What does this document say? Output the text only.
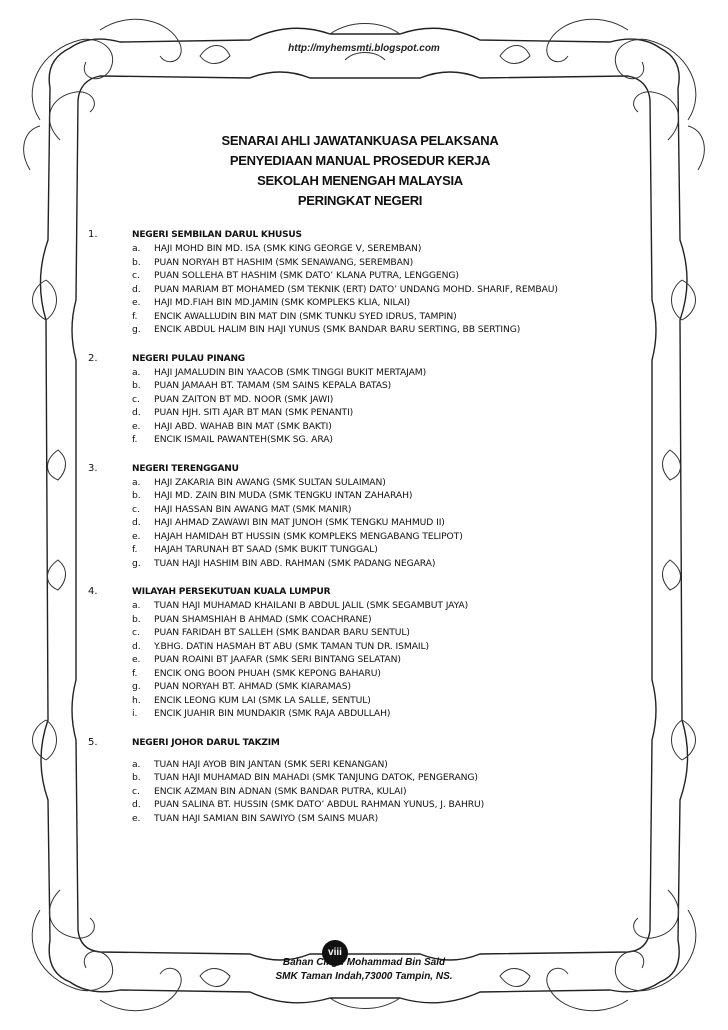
http://myhemsmti.blogspot.com
SENARAI AHLI JAWATANKUASA PELAKSANA
PENYEDIAAN MANUAL PROSEDUR KERJA
SEKOLAH MENENGAH MALAYSIA
PERINGKAT NEGERI
1.	NEGERI SEMBILAN DARUL KHUSUS
a.	HAJI MOHD BIN MD. ISA (SMK KING GEORGE V, SEREMBAN)
b.	PUAN NORYAH BT HASHIM (SMK SENAWANG, SEREMBAN)
c.	PUAN SOLLEHA BT HASHIM (SMK DATO’ KLANA PUTRA, LENGGENG)
d.	PUAN MARIAM BT MOHAMED (SM TEKNIK (ERT) DATO’ UNDANG MOHD. SHARIF, REMBAU)
e.	HAJI MD.FIAH BIN MD.JAMIN (SMK KOMPLEKS KLIA, NILAI)
f.	ENCIK AWALLUDIN BIN MAT DIN (SMK TUNKU SYED IDRUS, TAMPIN)
g.	ENCIK ABDUL HALIM BIN HAJI YUNUS (SMK BANDAR BARU SERTING, BB SERTING)
2.	NEGERI PULAU PINANG
a.	HAJI JAMALUDIN BIN YAACOB (SMK TINGGI BUKIT MERTAJAM)
b.	PUAN JAMAAH BT. TAMAM (SM SAINS KEPALA BATAS)
c.	PUAN ZAITON BT MD. NOOR (SMK JAWI)
d.	PUAN HJH. SITI AJAR BT MAN (SMK PENANTI)
e.	HAJI ABD. WAHAB BIN MAT (SMK BAKTI)
f.	ENCIK ISMAIL PAWANTEH(SMK SG. ARA)
3.	NEGERI TERENGGANU
a.	HAJI ZAKARIA BIN AWANG (SMK SULTAN SULAIMAN)
b.	HAJI MD. ZAIN BIN MUDA (SMK TENGKU INTAN ZAHARAH)
c.	HAJI HASSAN BIN AWANG MAT (SMK MANIR)
d.	HAJI AHMAD ZAWAWI BIN MAT JUNOH (SMK TENGKU MAHMUD II)
e.	HAJAH HAMIDAH BT HUSSIN (SMK KOMPLEKS MENGABANG TELIPOT)
f.	HAJAH TARUNAH BT SAAD (SMK BUKIT TUNGGAL)
g.	TUAN HAJI HASHIM BIN ABD. RAHMAN (SMK PADANG NEGARA)
4.	WILAYAH PERSEKUTUAN KUALA LUMPUR
a.	TUAN HAJI MUHAMAD KHAILANI B ABDUL JALIL (SMK SEGAMBUT JAYA)
b.	PUAN SHAMSHIAH B AHMAD (SMK COACHRANE)
c.	PUAN FARIDAH BT SALLEH (SMK BANDAR BARU SENTUL)
d.	Y.BHG. DATIN HASMAH BT ABU (SMK TAMAN TUN DR. ISMAIL)
e.	PUAN ROAINI BT JAAFAR (SMK SERI BINTANG SELATAN)
f.	ENCIK ONG BOON PHUAH (SMK KEPONG BAHARU)
g.	PUAN NORYAH BT. AHMAD (SMK KIARAMAS)
h.	ENCIK LEONG KUM LAI (SMK LA SALLE, SENTUL)
i.	ENCIK JUAHIR BIN MUNDAKIR (SMK RAJA ABDULLAH)
5.	NEGERI JOHOR DARUL TAKZIM
a.	TUAN HAJI AYOB BIN JANTAN (SMK SERI KENANGAN)
b.	TUAN HAJI MUHAMAD BIN MAHADI (SMK TANJUNG DATOK, PENGERANG)
c.	ENCIK AZMAN BIN ADNAN (SMK BANDAR PUTRA, KULAI)
d.	PUAN SALINA BT. HUSSIN (SMK DATO’ ABDUL RAHMAN YUNUS, J. BAHRU)
e.	TUAN HAJI SAMIAN BIN SAWIYO (SM SAINS MUAR)
viii
Bahan Cikgu Mohammad Bin Said
SMK Taman Indah,73000 Tampin, NS.
